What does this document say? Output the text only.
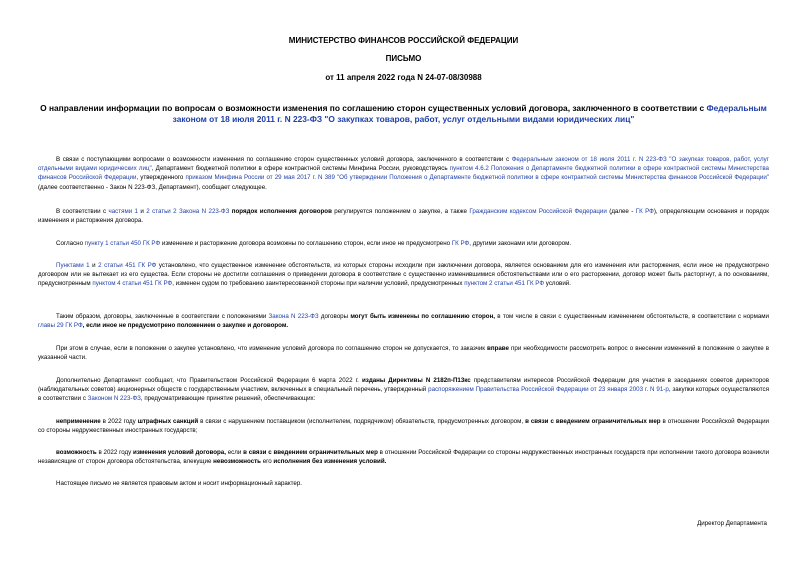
МИНИСТЕРСТВО ФИНАНСОВ РОССИЙСКОЙ ФЕДЕРАЦИИ
ПИСЬМО
от 11 апреля 2022 года N 24-07-08/30988
О направлении информации по вопросам о возможности изменения по соглашению сторон существенных условий договора, заключенного в соответствии с Федеральным законом от 18 июля 2011 г. N 223-ФЗ "О закупках товаров, работ, услуг отдельными видами юридических лиц"

В связи с поступающими вопросами о возможности изменения по соглашению сторон существенных условий договора, заключенного в соответствии с Федеральным законом от 18 июля 2011 г. N 223-ФЗ "О закупках товаров, работ, услуг отдельными видами юридических лиц", Департамент бюджетной политики в сфере контрактной системы Минфина России, руководствуясь пунктом 4.6.2 Положения о Департаменте бюджетной политики в сфере контрактной системы Министерства финансов Российской Федерации, утвержденного приказом Минфина России от 29 мая 2017 г. N 389 "Об утверждении Положения о Департаменте бюджетной политики в сфере контрактной системы Министерства финансов Российской Федерации" (далее соответственно - Закон N 223-ФЗ, Департамент), сообщает следующее.

В соответствии с частями 1 и 2 статьи 2 Закона N 223-ФЗ порядок исполнения договоров регулируется положением о закупке, а также Гражданским кодексом Российской Федерации (далее - ГК РФ), определяющим основания и порядок изменения и расторжения договора.

Согласно пункту 1 статьи 450 ГК РФ изменение и расторжение договора возможны по соглашению сторон, если иное не предусмотрено ГК РФ, другими законами или договором.

Пунктами 1 и 2 статьи 451 ГК РФ установлено, что существенное изменение обстоятельств, из которых стороны исходили при заключении договора, является основанием для его изменения или расторжения, если иное не предусмотрено договором или не вытекает из его существа. Если стороны не достигли соглашения о приведении договора в соответствие с существенно изменившимися обстоятельствами или о его расторжении, договор может быть расторгнут, а по основаниям, предусмотренным пунктом 4 статьи 451 ГК РФ, изменен судом по требованию заинтересованной стороны при наличии условий, предусмотренных пунктом 2 статьи 451 ГК РФ условий.

Таким образом, договоры, заключенные в соответствии с положениями Закона N 223-ФЗ договоры могут быть изменены по соглашению сторон, в том числе в связи с существенным изменением обстоятельств, в соответствии с нормами главы 29 ГК РФ, если иное не предусмотрено положением о закупке и договором.

При этом в случае, если в положении о закупке установлено, что изменение условий договора по соглашению сторон не допускается, то заказчик вправе при необходимости рассмотреть вопрос о внесении изменений в положение о закупке в указанной части.

Дополнительно Департамент сообщает, что Правительством Российской Федерации 6 марта 2022 г. изданы Директивы N 2182п-П13кс представителям интересов Российской Федерации для участия в заседаниях советов директоров (наблюдательных советов) акционерных обществ с государственным участием, включенных в специальный перечень, утвержденный распоряжением Правительства Российской Федерации от 23 января 2003 г. N 91-р, закупки которых осуществляются в соответствии с Законом N 223-ФЗ, предусматривающие принятие решений, обеспечивающих:

неприменение в 2022 году штрафных санкций в связи с нарушением поставщиком (исполнителем, подрядчиком) обязательств, предусмотренных договором, в связи с введением ограничительных мер в отношении Российской Федерации со стороны недружественных иностранных государств;

возможность в 2022 году изменения условий договора, если в связи с введением ограничительных мер в отношении Российской Федерации со стороны недружественных иностранных государств при исполнении такого договора возникли независящие от сторон договора обстоятельства, влекущие невозможность его исполнения без изменения условий.

Настоящее письмо не является правовым актом и носит информационный характер.

Директор Департамента
